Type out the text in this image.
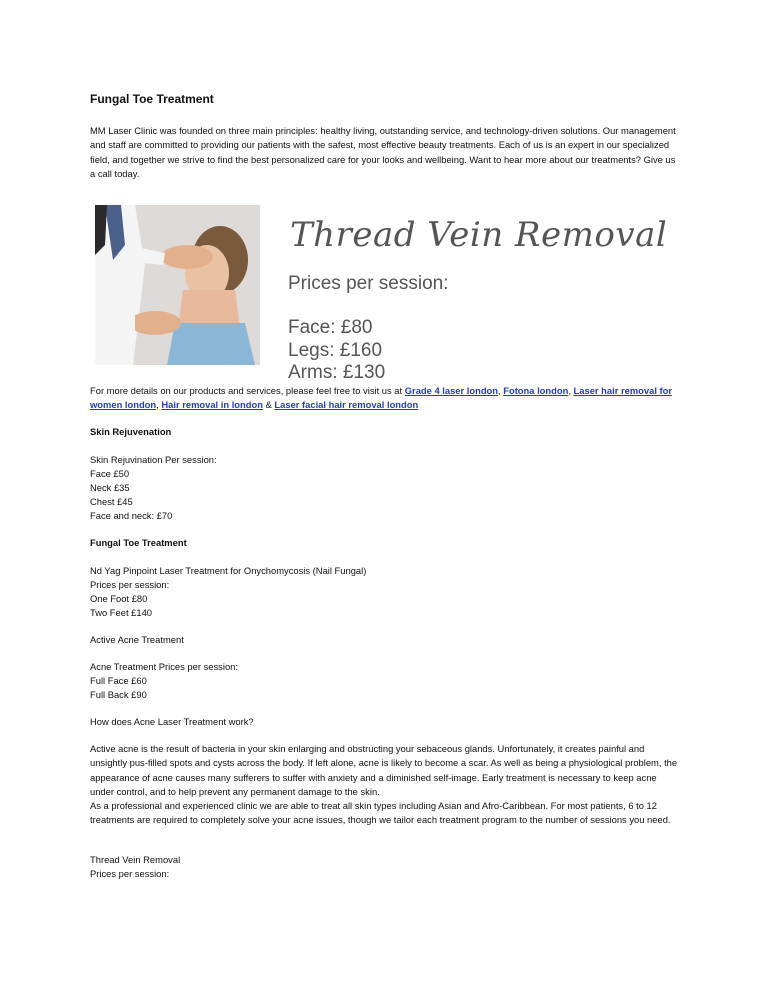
Fungal Toe Treatment
MM Laser Clinic was founded on three main principles: healthy living, outstanding service, and technology-driven solutions. Our management and staff are committed to providing our patients with the safest, most effective beauty treatments. Each of us is an expert in our specialized field, and together we strive to find the best personalized care for your looks and wellbeing. Want to hear more about our treatments? Give us a call today.
Thread Vein Removal
Prices per session:
Face: £80
Legs: £160
Arms: £130
For more details on our products and services, please feel free to visit us at Grade 4 laser london, Fotona london, Laser hair removal for women london, Hair removal in london & Laser facial hair removal london
Skin Rejuvenation
Skin Rejuvination Per session:
Face £50
Neck £35
Chest £45
Face and neck: £70
Fungal Toe Treatment
Nd Yag Pinpoint Laser Treatment for Onychomycosis (Nail Fungal)
Prices per session:
One Foot £80
Two Feet £140
Active Acne Treatment
Acne Treatment Prices per session:
Full Face £60
Full Back £90
How does Acne Laser Treatment work?
Active acne is the result of bacteria in your skin enlarging and obstructing your sebaceous glands. Unfortunately, it creates painful and unsightly pus-filled spots and cysts across the body. If left alone, acne is likely to become a scar. As well as being a physiological problem, the appearance of acne causes many sufferers to suffer with anxiety and a diminished self-image. Early treatment is necessary to keep acne under control, and to help prevent any permanent damage to the skin.
As a professional and experienced clinic we are able to treat all skin types including Asian and Afro-Caribbean. For most patients, 6 to 12 treatments are required to completely solve your acne issues, though we tailor each treatment program to the number of sessions you need.
Thread Vein Removal
Prices per session:
